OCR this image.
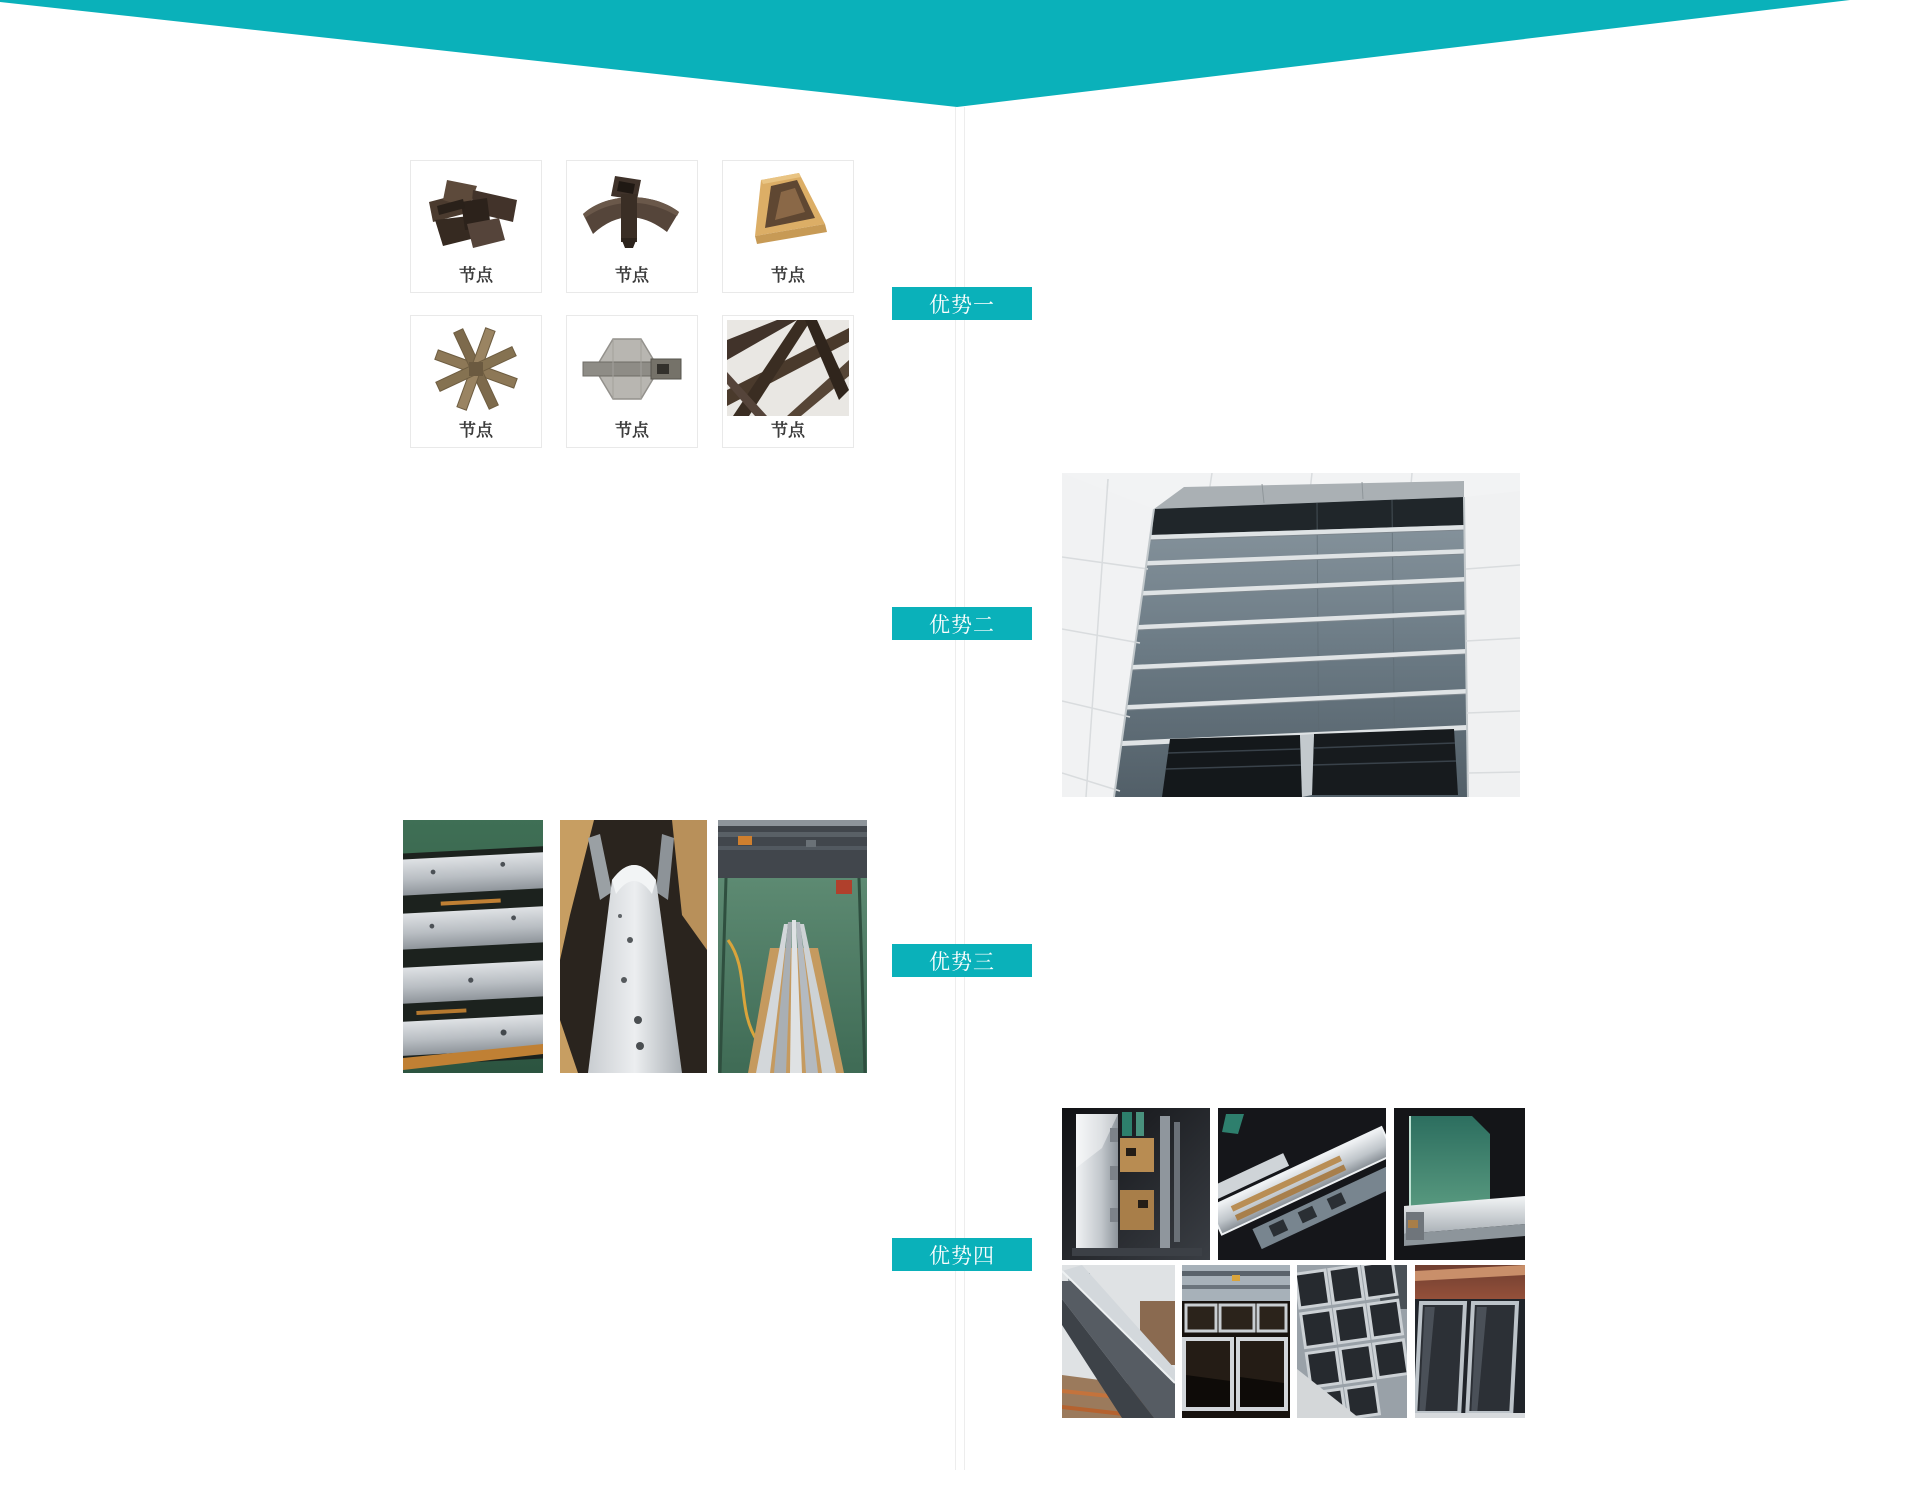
优势一
优势二
优势三
优势四
节点	节点	节点
节点	节点	节点
